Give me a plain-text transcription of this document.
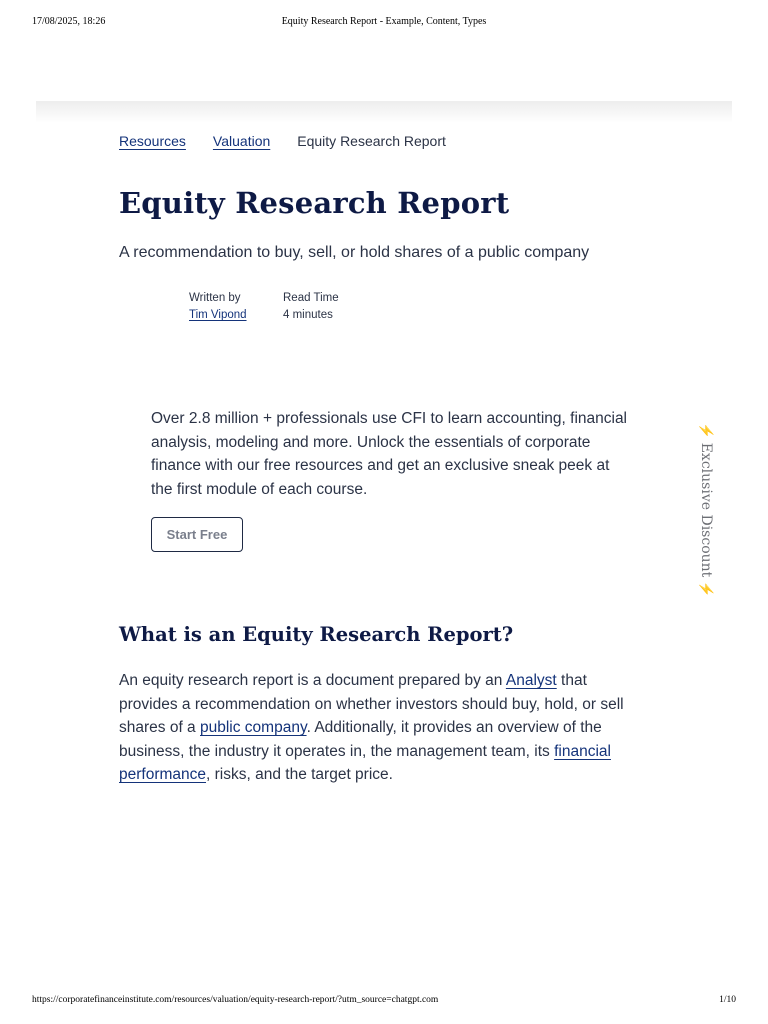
17/08/2025, 18:26	Equity Research Report - Example, Content, Types
Resources Valuation Equity Research Report
Equity Research Report

A recommendation to buy, sell, or hold shares of a public company

Written by
Tim Vipond
Read Time
4 minutes

Over 2.8 million + professionals use CFI to learn accounting, financial analysis, modeling and more. Unlock the essentials of corporate finance with our free resources and get an exclusive sneak peek at the first module of each course.

Start Free
⚡
Exclusive Discount
⚡
What is an Equity Research Report?

An equity research report is a document prepared by an Analyst that provides a recommendation on whether investors should buy, hold, or sell shares of a public company. Additionally, it provides an overview of the business, the industry it operates in, the management team, its financial performance, risks, and the target price.

https://corporatefinanceinstitute.com/resources/valuation/equity-research-report/?utm_source=chatgpt.com	1/10
